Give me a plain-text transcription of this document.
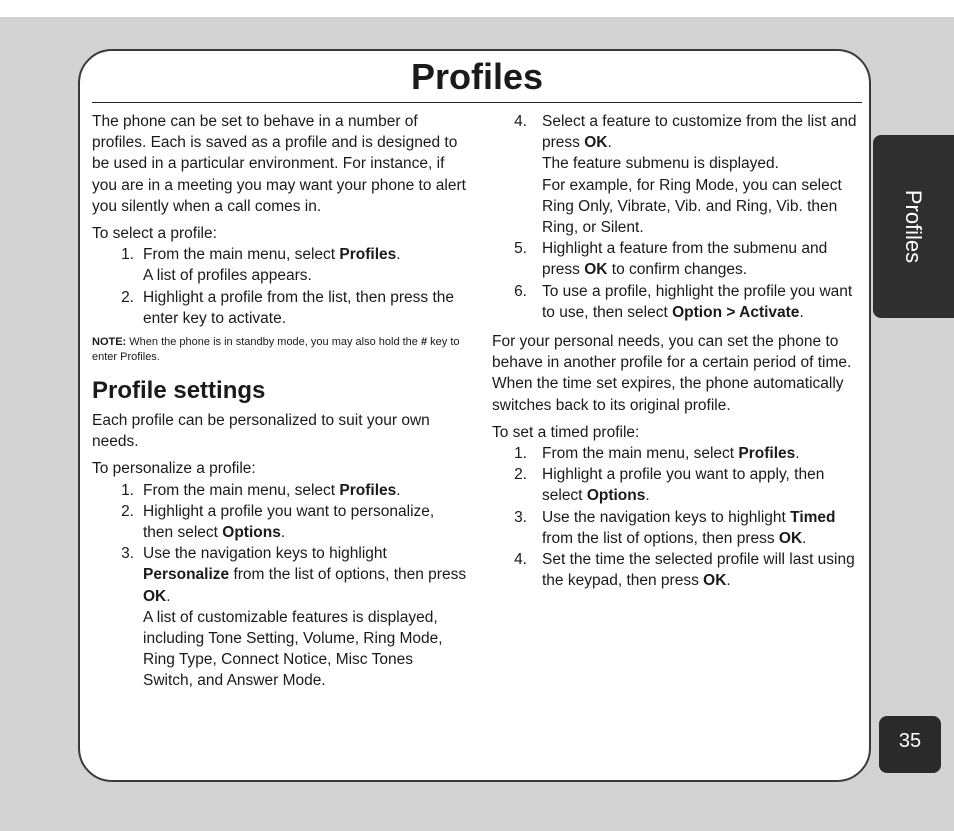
Profiles

The phone can be set to behave in a number of profiles. Each is saved as a profile and is designed to be used in a particular environment. For instance, if you are in a meeting you may want your phone to alert you silently when a call comes in.

To select a profile:

1. From the main menu, select Profiles.
A list of profiles appears.
2. Highlight a profile from the list, then press the enter key to activate.
NOTE: When the phone is in standby mode, you may also hold the # key to enter Profiles.
Profile settings

Each profile can be personalized to suit your own needs.

To personalize a profile:

1. From the main menu, select Profiles.
2. Highlight a profile you want to personalize, then select Options.
3. Use the navigation keys to highlight Personalize from the list of options, then press OK.
A list of customizable features is displayed, including Tone Setting, Volume, Ring Mode, Ring Type, Connect Notice, Misc Tones Switch, and Answer Mode.
4. Select a feature to customize from the list and press OK.
The feature submenu is displayed.
For example, for Ring Mode, you can select Ring Only, Vibrate, Vib. and Ring, Vib. then Ring, or Silent.
5. Highlight a feature from the submenu and press OK to confirm changes.
6. To use a profile, highlight the profile you want to use, then select Option > Activate.

For your personal needs, you can set the phone to behave in another profile for a certain period of time. When the time set expires, the phone automatically switches back to its original profile.

To set a timed profile:

1. From the main menu, select Profiles.
2. Highlight a profile you want to apply, then select Options.
3. Use the navigation keys to highlight Timed from the list of options, then press OK.
4. Set the time the selected profile will last using the keypad, then press OK.
Profiles
35
